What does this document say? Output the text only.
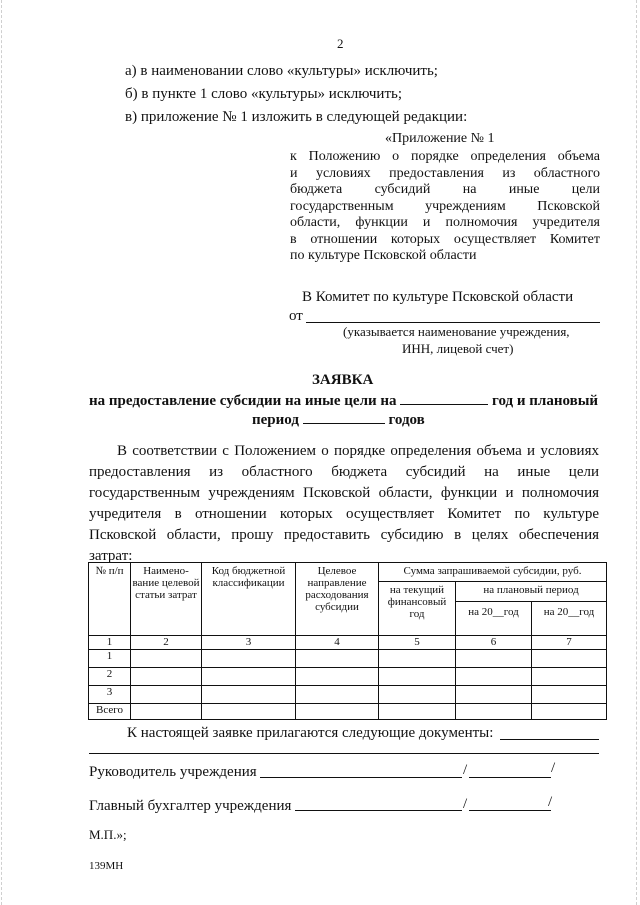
2
а) в наименовании слово «культуры» исключить;
б) в пункте 1 слово «культуры» исключить;
в) приложение № 1 изложить в следующей редакции:
«Приложение № 1
к Положению о порядке определения объема
и условиях предоставления из областного
бюджета субсидий на иные цели
государственным учреждениям Псковской
области, функции и полномочия учредителя
в отношении которых осуществляет Комитет
по культуре Псковской области
В Комитет по культуре Псковской области
от
(указывается наименование учреждения,
ИНН, лицевой счет)
ЗАЯВКА
на предоставление субсидии на иные цели на	год и плановый
период	годов
В соответствии с Положением о порядке определения объема и условиях
предоставления из областного бюджета субсидий на иные цели
государственным учреждениям Псковской области, функции и полномочия
учредителя в отношении которых осуществляет Комитет по культуре
Псковской области, прошу предоставить субсидию в целях обеспечения
затрат:
№ п/п	Наимено-вание целевой статьи затрат	Код бюджетной классификации	Целевое направление расходования субсидии	Сумма запрашиваемой субсидии, руб.		
				на текущий финансовый год	на плановый период	
					на 20__год	на 20__год
1	2	3	4	5	6	7
1						
2						
3						
Всего						
К настоящей заявке прилагаются следующие документы:
Руководитель учреждения	/	/
Главный бухгалтер учреждения	/	/
М.П.»;
139МН
